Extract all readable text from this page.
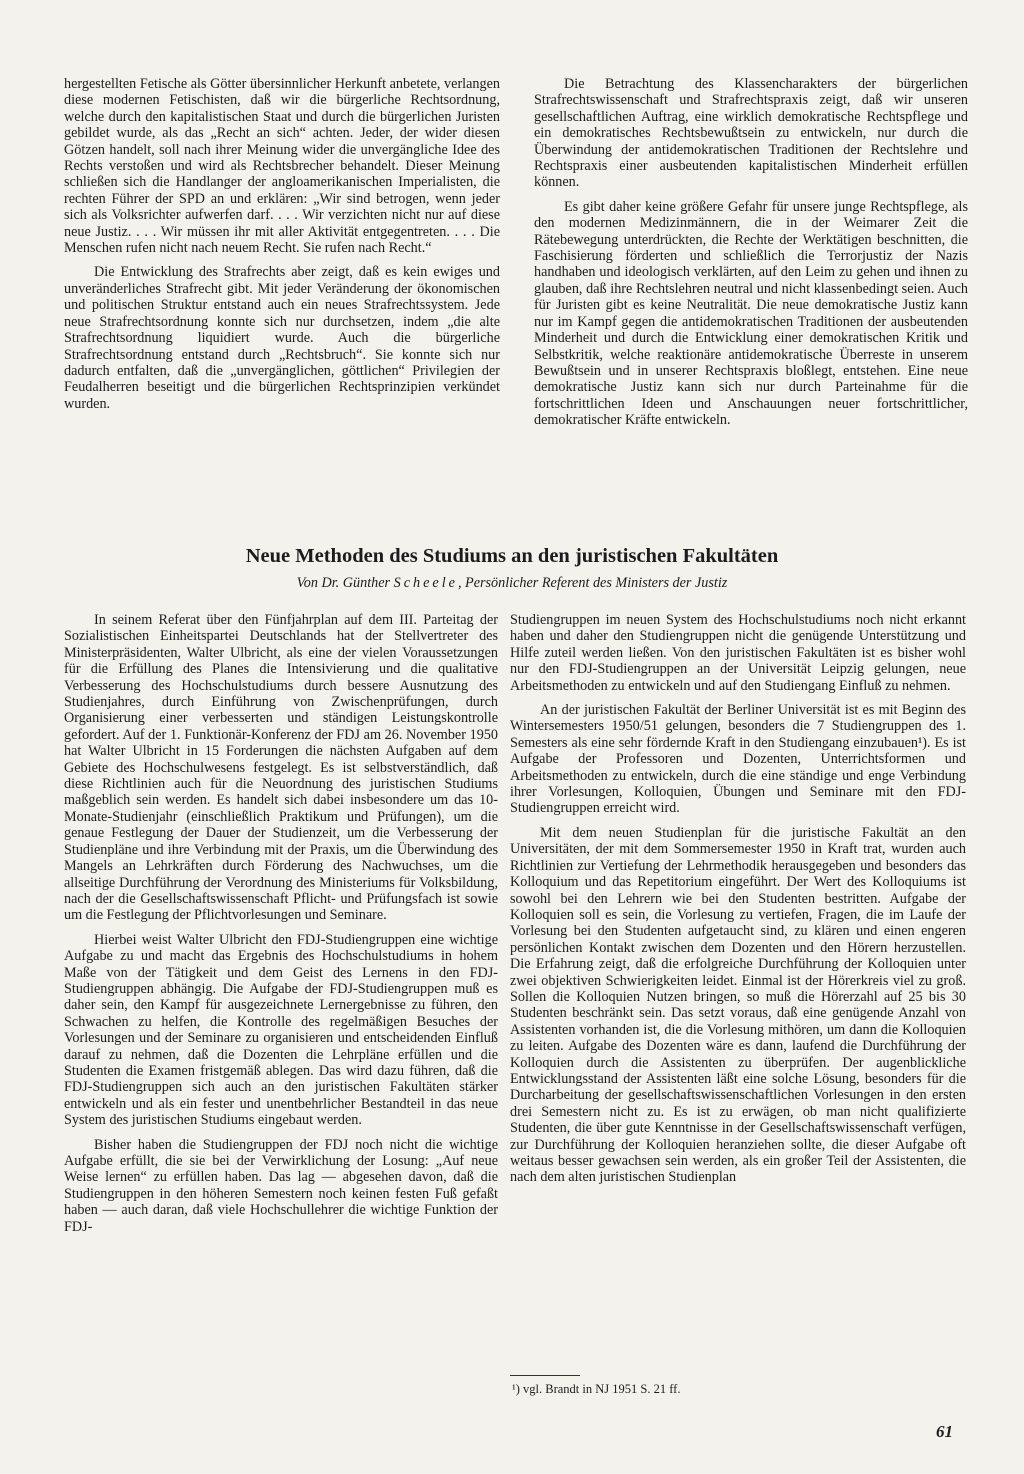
hergestellten Fetische als Götter übersinnlicher Herkunft anbetete, verlangen diese modernen Fetischisten, daß wir die bürgerliche Rechtsordnung, welche durch den kapitalistischen Staat und durch die bürgerlichen Juristen gebildet wurde, als das „Recht an sich“ achten. Jeder, der wider diesen Götzen handelt, soll nach ihrer Meinung wider die unvergängliche Idee des Rechts verstoßen und wird als Rechtsbrecher behandelt. Dieser Meinung schließen sich die Handlanger der angloamerikanischen Imperialisten, die rechten Führer der SPD an und erklären: „Wir sind betrogen, wenn jeder sich als Volksrichter aufwerfen darf. . . . Wir verzichten nicht nur auf diese neue Justiz. . . . Wir müssen ihr mit aller Aktivität entgegentreten. . . . Die Menschen rufen nicht nach neuem Recht. Sie rufen nach Recht.“

Die Entwicklung des Strafrechts aber zeigt, daß es kein ewiges und unveränderliches Strafrecht gibt. Mit jeder Veränderung der ökonomischen und politischen Struktur entstand auch ein neues Strafrechtssystem. Jede neue Strafrechtsordnung konnte sich nur durchsetzen, indem „die alte Strafrechtsordnung liquidiert wurde. Auch die bürgerliche Strafrechtsordnung entstand durch „Rechtsbruch“. Sie konnte sich nur dadurch entfalten, daß die „unvergänglichen, göttlichen“ Privilegien der Feudalherren beseitigt und die bürgerlichen Rechtsprinzipien verkündet wurden.

Die Betrachtung des Klassencharakters der bürgerlichen Strafrechtswissenschaft und Strafrechtspraxis zeigt, daß wir unseren gesellschaftlichen Auftrag, eine wirklich demokratische Rechtspflege und ein demokratisches Rechtsbewußtsein zu entwickeln, nur durch die Überwindung der antidemokratischen Traditionen der Rechtslehre und Rechtspraxis einer ausbeutenden kapitalistischen Minderheit erfüllen können.

Es gibt daher keine größere Gefahr für unsere junge Rechtspflege, als den modernen Medizinmännern, die in der Weimarer Zeit die Rätebewegung unterdrückten, die Rechte der Werktätigen beschnitten, die Faschisierung förderten und schließlich die Terrorjustiz der Nazis handhaben und ideologisch verklärten, auf den Leim zu gehen und ihnen zu glauben, daß ihre Rechtslehren neutral und nicht klassenbedingt seien. Auch für Juristen gibt es keine Neutralität. Die neue demokratische Justiz kann nur im Kampf gegen die antidemokratischen Traditionen der ausbeutenden Minderheit und durch die Entwicklung einer demokratischen Kritik und Selbstkritik, welche reaktionäre antidemokratische Überreste in unserem Bewußtsein und in unserer Rechtspraxis bloßlegt, entstehen. Eine neue demokratische Justiz kann sich nur durch Parteinahme für die fortschrittlichen Ideen und Anschauungen neuer fortschrittlicher, demokratischer Kräfte entwickeln.

Neue Methoden des Studiums an den juristischen Fakultäten
Von Dr. Günther Scheele, Persönlicher Referent des Ministers der Justiz

In seinem Referat über den Fünfjahrplan auf dem III. Parteitag der Sozialistischen Einheitspartei Deutschlands hat der Stellvertreter des Ministerpräsidenten, Walter Ulbricht, als eine der vielen Voraussetzungen für die Erfüllung des Planes die Intensivierung und die qualitative Verbesserung des Hochschulstudiums durch bessere Ausnutzung des Studienjahres, durch Einführung von Zwischenprüfungen, durch Organisierung einer verbesserten und ständigen Leistungskontrolle gefordert. Auf der 1. Funktionär-Konferenz der FDJ am 26. November 1950 hat Walter Ulbricht in 15 Forderungen die nächsten Aufgaben auf dem Gebiete des Hochschulwesens festgelegt. Es ist selbstverständlich, daß diese Richtlinien auch für die Neuordnung des juristischen Studiums maßgeblich sein werden. Es handelt sich dabei insbesondere um das 10-Monate-Studienjahr (einschließlich Praktikum und Prüfungen), um die genaue Festlegung der Dauer der Studienzeit, um die Verbesserung der Studienpläne und ihre Verbindung mit der Praxis, um die Überwindung des Mangels an Lehrkräften durch Förderung des Nachwuchses, um die allseitige Durchführung der Verordnung des Ministeriums für Volksbildung, nach der die Gesellschaftswissenschaft Pflicht- und Prüfungsfach ist sowie um die Festlegung der Pflichtvorlesungen und Seminare.

Hierbei weist Walter Ulbricht den FDJ-Studiengruppen eine wichtige Aufgabe zu und macht das Ergebnis des Hochschulstudiums in hohem Maße von der Tätigkeit und dem Geist des Lernens in den FDJ-Studiengruppen abhängig. Die Aufgabe der FDJ-Studiengruppen muß es daher sein, den Kampf für ausgezeichnete Lernergebnisse zu führen, den Schwachen zu helfen, die Kontrolle des regelmäßigen Besuches der Vorlesungen und der Seminare zu organisieren und entscheidenden Einfluß darauf zu nehmen, daß die Dozenten die Lehrpläne erfüllen und die Studenten die Examen fristgemäß ablegen. Das wird dazu führen, daß die FDJ-Studiengruppen sich auch an den juristischen Fakultäten stärker entwickeln und als ein fester und unentbehrlicher Bestandteil in das neue System des juristischen Studiums eingebaut werden.

Bisher haben die Studiengruppen der FDJ noch nicht die wichtige Aufgabe erfüllt, die sie bei der Verwirklichung der Losung: „Auf neue Weise lernen“ zu erfüllen haben. Das lag — abgesehen davon, daß die Studiengruppen in den höheren Semestern noch keinen festen Fuß gefaßt haben — auch daran, daß viele Hochschullehrer die wichtige Funktion der FDJ-

Studiengruppen im neuen System des Hochschulstudiums noch nicht erkannt haben und daher den Studiengruppen nicht die genügende Unterstützung und Hilfe zuteil werden ließen. Von den juristischen Fakultäten ist es bisher wohl nur den FDJ-Studiengruppen an der Universität Leipzig gelungen, neue Arbeitsmethoden zu entwickeln und auf den Studiengang Einfluß zu nehmen.

An der juristischen Fakultät der Berliner Universität ist es mit Beginn des Wintersemesters 1950/51 gelungen, besonders die 7 Studiengruppen des 1. Semesters als eine sehr fördernde Kraft in den Studiengang einzubauen¹). Es ist Aufgabe der Professoren und Dozenten, Unterrichtsformen und Arbeitsmethoden zu entwickeln, durch die eine ständige und enge Verbindung ihrer Vorlesungen, Kolloquien, Übungen und Seminare mit den FDJ-Studiengruppen erreicht wird.

Mit dem neuen Studienplan für die juristische Fakultät an den Universitäten, der mit dem Sommersemester 1950 in Kraft trat, wurden auch Richtlinien zur Vertiefung der Lehrmethodik herausgegeben und besonders das Kolloquium und das Repetitorium eingeführt. Der Wert des Kolloquiums ist sowohl bei den Lehrern wie bei den Studenten bestritten. Aufgabe der Kolloquien soll es sein, die Vorlesung zu vertiefen, Fragen, die im Laufe der Vorlesung bei den Studenten aufgetaucht sind, zu klären und einen engeren persönlichen Kontakt zwischen dem Dozenten und den Hörern herzustellen. Die Erfahrung zeigt, daß die erfolgreiche Durchführung der Kolloquien unter zwei objektiven Schwierigkeiten leidet. Einmal ist der Hörerkreis viel zu groß. Sollen die Kolloquien Nutzen bringen, so muß die Hörerzahl auf 25 bis 30 Studenten beschränkt sein. Das setzt voraus, daß eine genügende Anzahl von Assistenten vorhanden ist, die die Vorlesung mithören, um dann die Kolloquien zu leiten. Aufgabe des Dozenten wäre es dann, laufend die Durchführung der Kolloquien durch die Assistenten zu überprüfen. Der augenblickliche Entwicklungsstand der Assistenten läßt eine solche Lösung, besonders für die Durcharbeitung der gesellschaftswissenschaftlichen Vorlesungen in den ersten drei Semestern nicht zu. Es ist zu erwägen, ob man nicht qualifizierte Studenten, die über gute Kenntnisse in der Gesellschaftswissenschaft verfügen, zur Durchführung der Kolloquien heranziehen sollte, die dieser Aufgabe oft weitaus besser gewachsen sein werden, als ein großer Teil der Assistenten, die nach dem alten juristischen Studienplan

¹) vgl. Brandt in NJ 1951 S. 21 ff.
61
